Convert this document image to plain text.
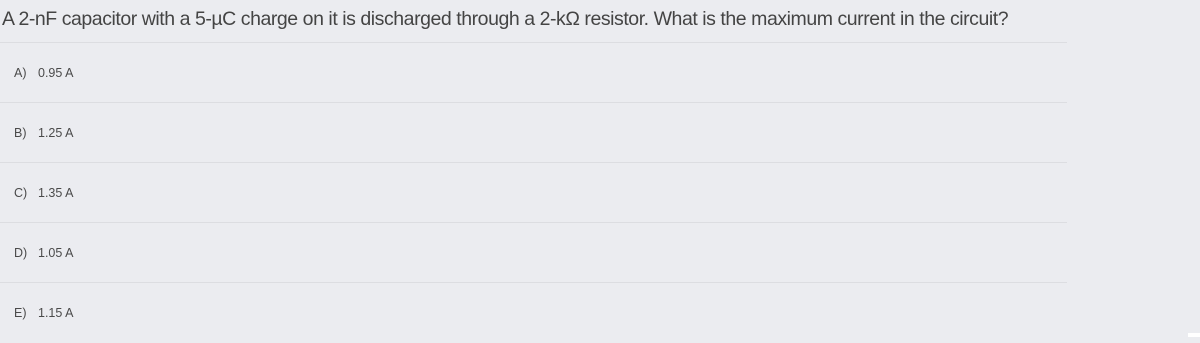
A 2-nF capacitor with a 5-µC charge on it is discharged through a 2-kΩ resistor. What is the maximum current in the circuit?
A) 0.95 A
B) 1.25 A
C) 1.35 A
D) 1.05 A
E) 1.15 A
